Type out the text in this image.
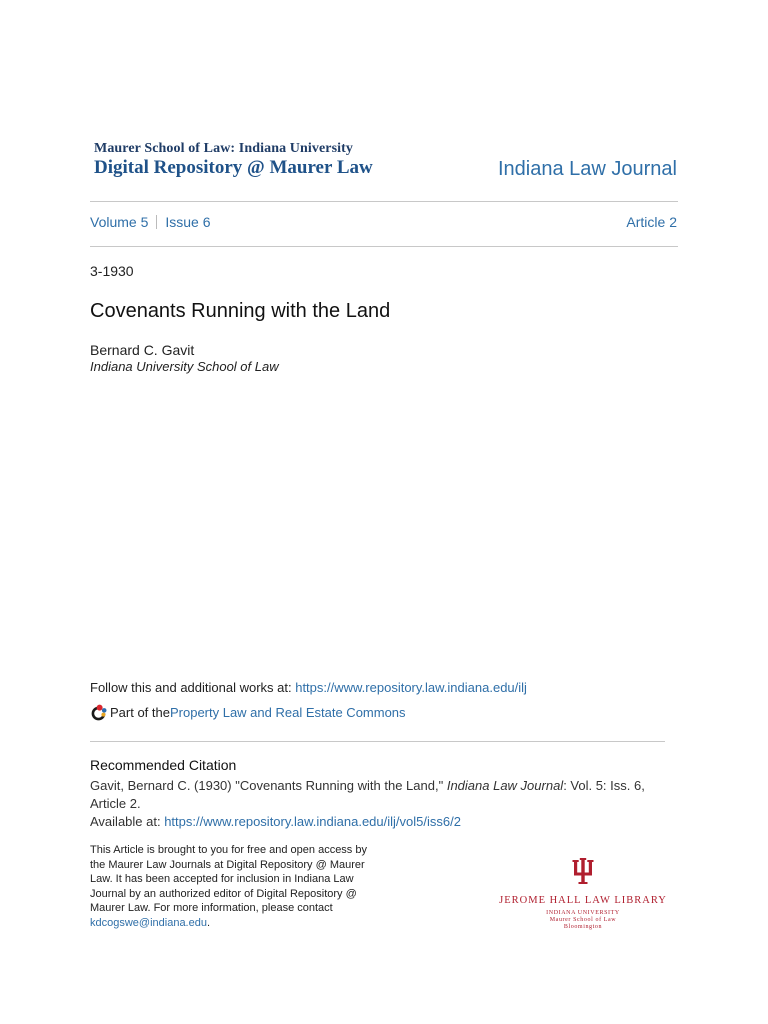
Maurer School of Law: Indiana University
Digital Repository @ Maurer Law	Indiana Law Journal
Volume 5 Issue 6	Article 2
3-1930
Covenants Running with the Land
Bernard C. Gavit
Indiana University School of Law
Follow this and additional works at: https://www.repository.law.indiana.edu/ilj
Part of the Property Law and Real Estate Commons
Recommended Citation
Gavit, Bernard C. (1930) "Covenants Running with the Land," Indiana Law Journal: Vol. 5: Iss. 6, Article 2.
Available at: https://www.repository.law.indiana.edu/ilj/vol5/iss6/2
This Article is brought to you for free and open access by the Maurer Law Journals at Digital Repository @ Maurer Law. It has been accepted for inclusion in Indiana Law Journal by an authorized editor of Digital Repository @ Maurer Law. For more information, please contact kdcogswe@indiana.edu.
JEROME HALL LAW LIBRARY
INDIANA UNIVERSITY
Maurer School of Law
Bloomington
